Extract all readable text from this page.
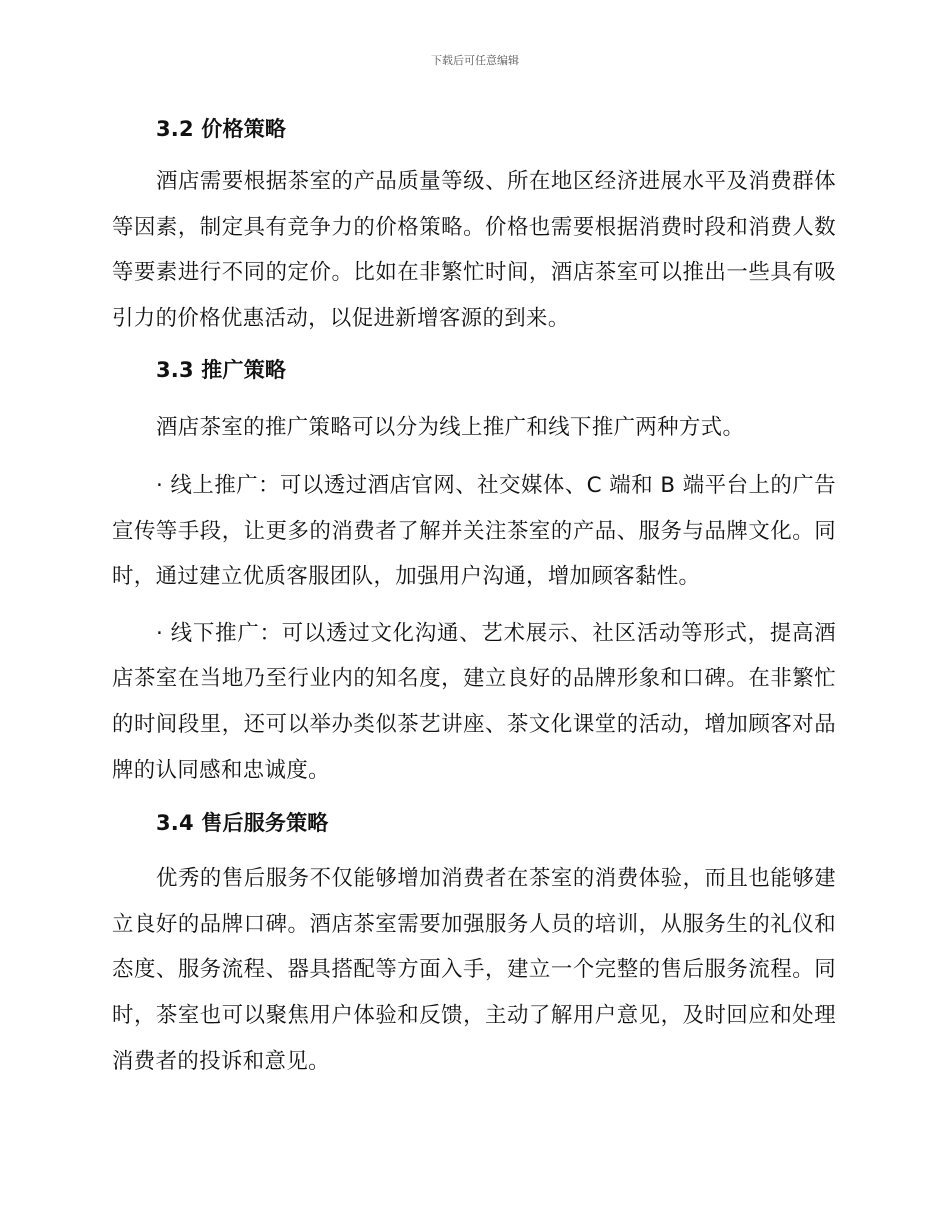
下载后可任意编辑
3.2 价格策略

酒店需要根据茶室的产品质量等级、所在地区经济进展水平及消费群体等因素，制定具有竞争力的价格策略。价格也需要根据消费时段和消费人数等要素进行不同的定价。比如在非繁忙时间，酒店茶室可以推出一些具有吸引力的价格优惠活动，以促进新增客源的到来。

3.3 推广策略

酒店茶室的推广策略可以分为线上推广和线下推广两种方式。

· 线上推广：可以透过酒店官网、社交媒体、C 端和 B 端平台上的广告宣传等手段，让更多的消费者了解并关注茶室的产品、服务与品牌文化。同时，通过建立优质客服团队，加强用户沟通，增加顾客黏性。

· 线下推广：可以透过文化沟通、艺术展示、社区活动等形式，提高酒店茶室在当地乃至行业内的知名度，建立良好的品牌形象和口碑。在非繁忙的时间段里，还可以举办类似茶艺讲座、茶文化课堂的活动，增加顾客对品牌的认同感和忠诚度。

3.4 售后服务策略

优秀的售后服务不仅能够增加消费者在茶室的消费体验，而且也能够建立良好的品牌口碑。酒店茶室需要加强服务人员的培训，从服务生的礼仪和态度、服务流程、器具搭配等方面入手，建立一个完整的售后服务流程。同时，茶室也可以聚焦用户体验和反馈，主动了解用户意见，及时回应和处理消费者的投诉和意见。
